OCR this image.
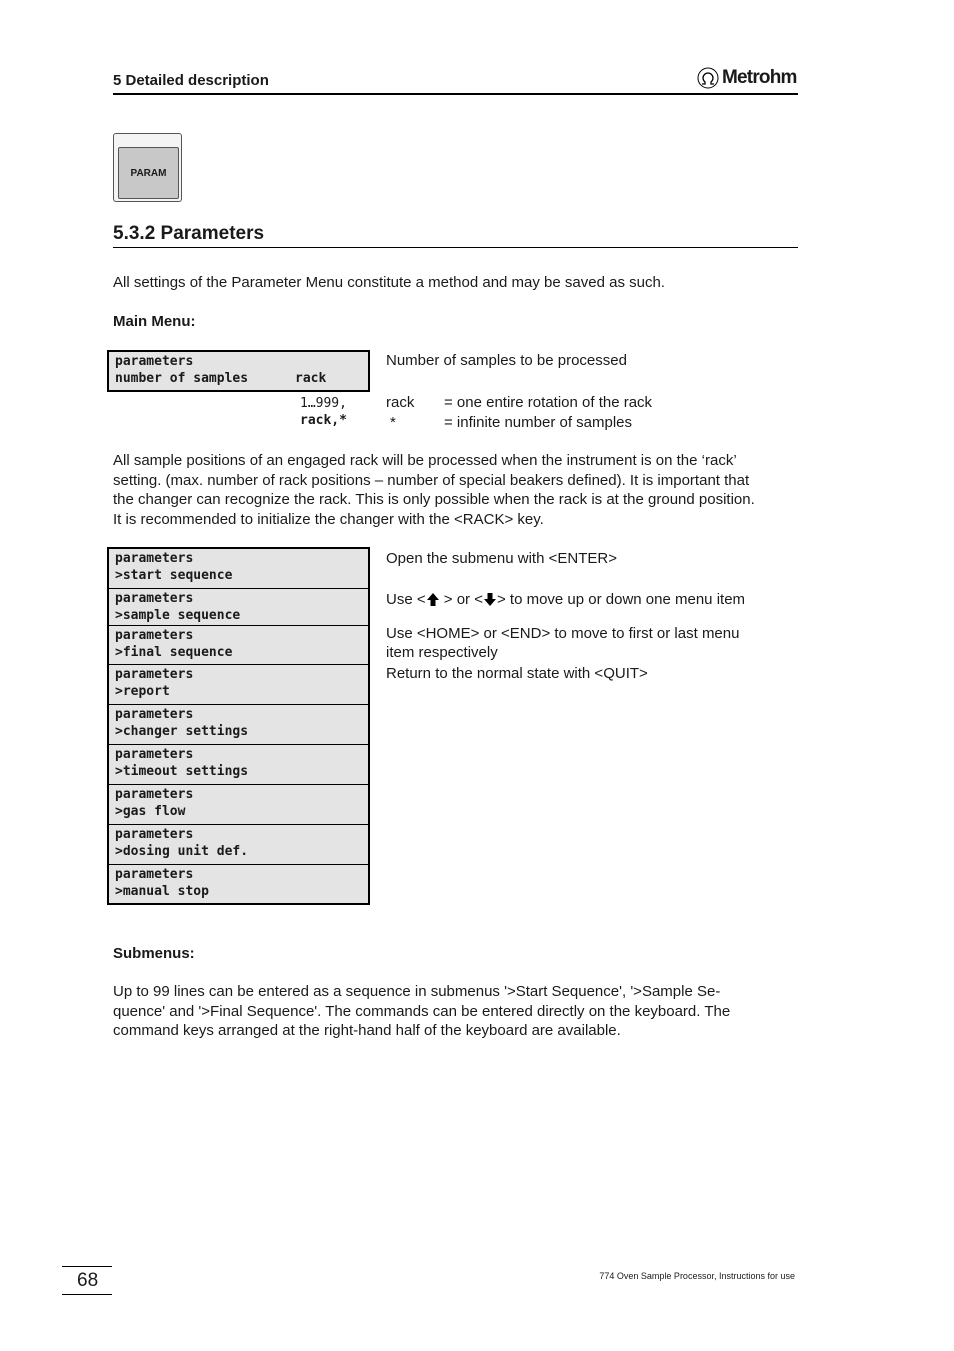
5 Detailed description	Metrohm
PARAM
5.3.2 Parameters
All settings of the Parameter Menu constitute a method and may be saved as such.
Main Menu:
parameters
number of samples      rack
1…999,
rack,*
Number of samples to be processed
rack = one entire rotation of the rack
*	= infinite number of samples
All sample positions of an engaged rack will be processed when the instrument is on the ‘rack’
setting. (max. number of rack positions – number of special beakers defined). It is important that
the changer can recognize the rack. This is only possible when the rack is at the ground position.
It is recommended to initialize the changer with the <RACK> key.
parameters
>start sequence
parameters
>sample sequence
parameters
>final sequence
parameters
>report
parameters
>changer settings
parameters
>timeout settings
parameters
>gas flow
parameters
>dosing unit def.
parameters
>manual stop
Open the submenu with <ENTER>
Use < > or < > to move up or down one menu item
Use <HOME> or <END> to move to first or last menu
item respectively
Return to the normal state with <QUIT>
Submenus:
Up to 99 lines can be entered as a sequence in submenus '>Start Sequence', '>Sample Se-
quence' and '>Final Sequence'. The commands can be entered directly on the keyboard. The
command keys arranged at the right-hand half of the keyboard are available.
68	774 Oven Sample Processor, Instructions for use
